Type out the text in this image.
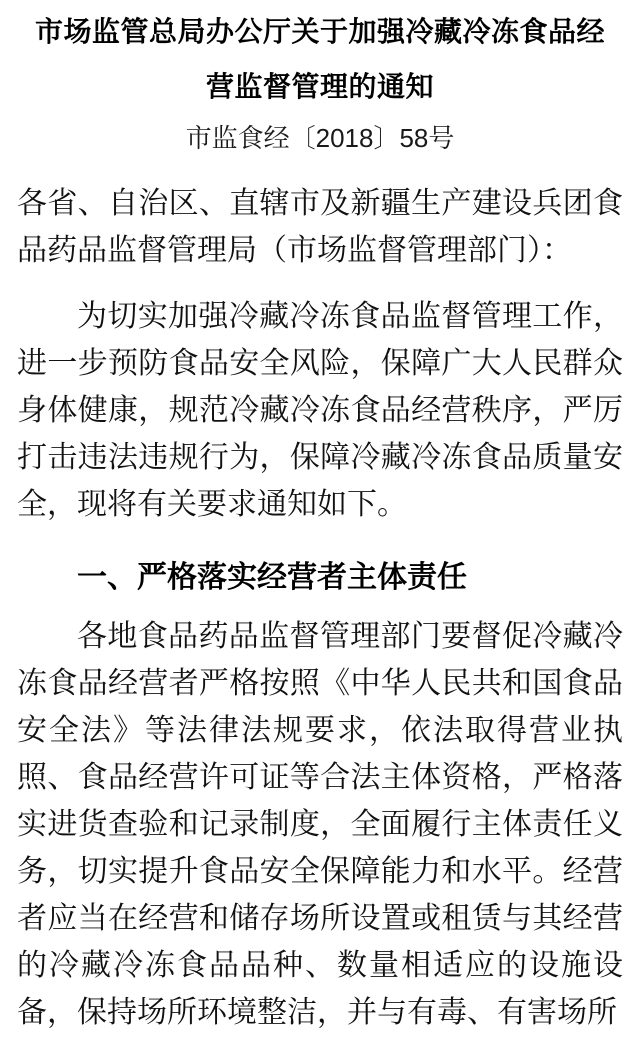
市场监管总局办公厅关于加强冷藏冷冻食品经营监督管理的通知
市监食经〔2018〕58号

各省、自治区、直辖市及新疆生产建设兵团食品药品监督管理局（市场监督管理部门）：

为切实加强冷藏冷冻食品监督管理工作，进一步预防食品安全风险，保障广大人民群众身体健康，规范冷藏冷冻食品经营秩序，严厉打击违法违规行为，保障冷藏冷冻食品质量安全，现将有关要求通知如下。

一、严格落实经营者主体责任

各地食品药品监督管理部门要督促冷藏冷冻食品经营者严格按照《中华人民共和国食品安全法》等法律法规要求，依法取得营业执照、食品经营许可证等合法主体资格，严格落实进货查验和记录制度，全面履行主体责任义务，切实提升食品安全保障能力和水平。经营者应当在经营和储存场所设置或租赁与其经营的冷藏冷冻食品品种、数量相适应的设施设备，保持场所环境整洁，并与有毒、有害场所
